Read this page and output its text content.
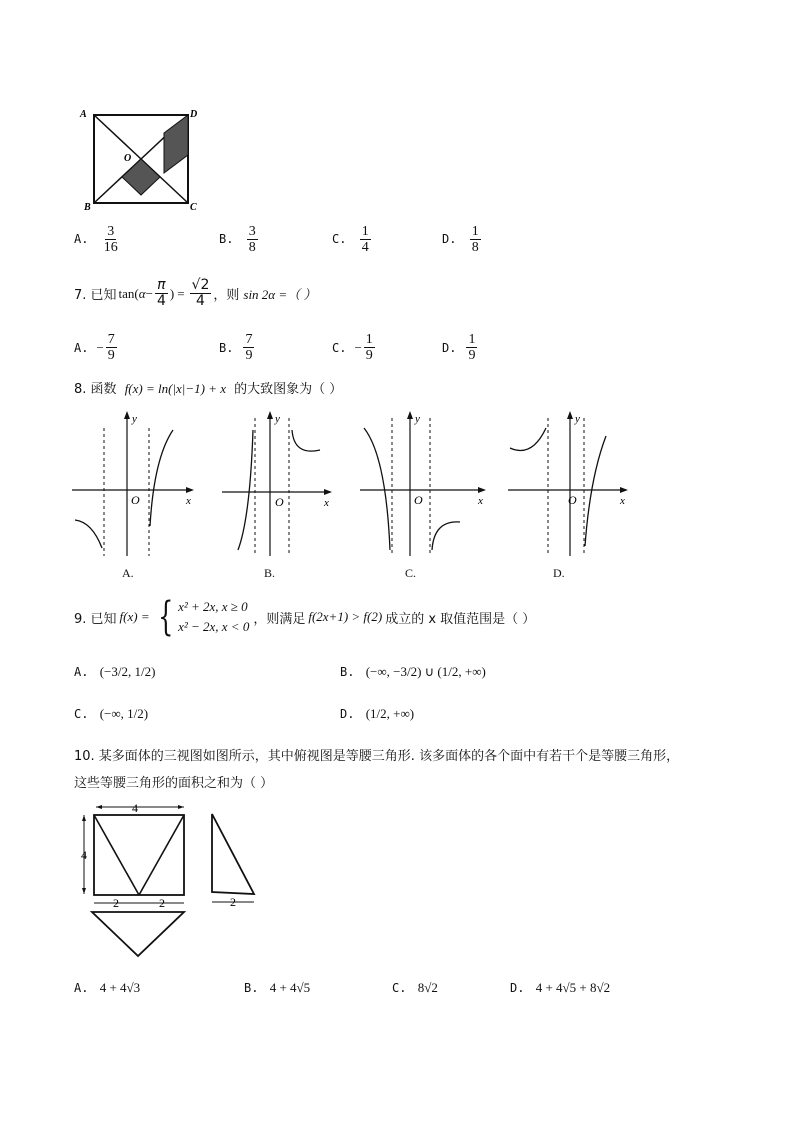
A	D
O
B	C
A. $\frac{3}{16}$	B. $\frac{3}{8}$	C. $\frac{1}{4}$	D. $\frac{1}{8}$
7. 已知 tan( $\alpha - \frac{\pi}{4}$ ) = $\frac{√2}{4}$ ，则 sin 2α =（ ）
A. − $\frac{7}{9}$	B. $\frac{7}{9}$	C. − $\frac{1}{9}$	D. $\frac{1}{9}$
8. 函数 f(x) = ln(|x|−1) + x 的大致图象为（ ）
y
O	x
A.
y
O	x
B.
y
O	x
C.
y
O	x
D.
9. 已知 f(x) = { x² + 2x, x ≥ 0
x² − 2x, x < 0 ，则满足 f(2x+1) > f(2) 成立的 x 取值范围是（ ）
A. (−3/2, 1/2)	B. (−∞, −3/2) ∪ (1/2, +∞)
C. (−∞, 1/2)	D. (1/2, +∞)
10. 某多面体的三视图如图所示，其中俯视图是等腰三角形. 该多面体的各个面中有若干个是等腰三角形，
这些等腰三角形的面积之和为（ ）
4
4
2	2	2
A. 4 + 4√3	B. 4 + 4√5	C. 8√2	D. 4 + 4√5 + 8√2
